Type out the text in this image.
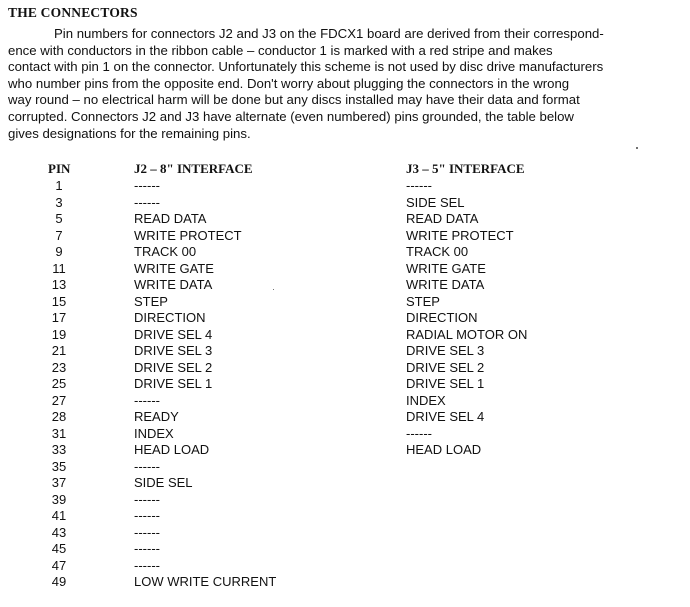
THE CONNECTORS
Pin numbers for connectors J2 and J3 on the FDCX1 board are derived from their correspond-
ence with conductors in the ribbon cable – conductor 1 is marked with a red stripe and makes
contact with pin 1 on the connector. Unfortunately this scheme is not used by disc drive manufacturers
who number pins from the opposite end. Don't worry about plugging the connectors in the wrong
way round – no electrical harm will be done but any discs installed may have their data and format
corrupted. Connectors J2 and J3 have alternate (even numbered) pins grounded, the table below
gives designations for the remaining pins.
PIN	J2 – 8" INTERFACE	J3 – 5" INTERFACE
1	------	------
3	------	SIDE SEL
5	READ DATA	READ DATA
7	WRITE PROTECT	WRITE PROTECT
9	TRACK 00	TRACK 00
11	WRITE GATE	WRITE GATE
13	WRITE DATA	WRITE DATA
15	STEP	STEP
17	DIRECTION	DIRECTION
19	DRIVE SEL 4	RADIAL MOTOR ON
21	DRIVE SEL 3	DRIVE SEL 3
23	DRIVE SEL 2	DRIVE SEL 2
25	DRIVE SEL 1	DRIVE SEL 1
27	------	INDEX
28	READY	DRIVE SEL 4
31	INDEX	------
33	HEAD LOAD	HEAD LOAD
35	------
37	SIDE SEL
39	------
41	------
43	------
45	------
47	------
49	LOW WRITE CURRENT
